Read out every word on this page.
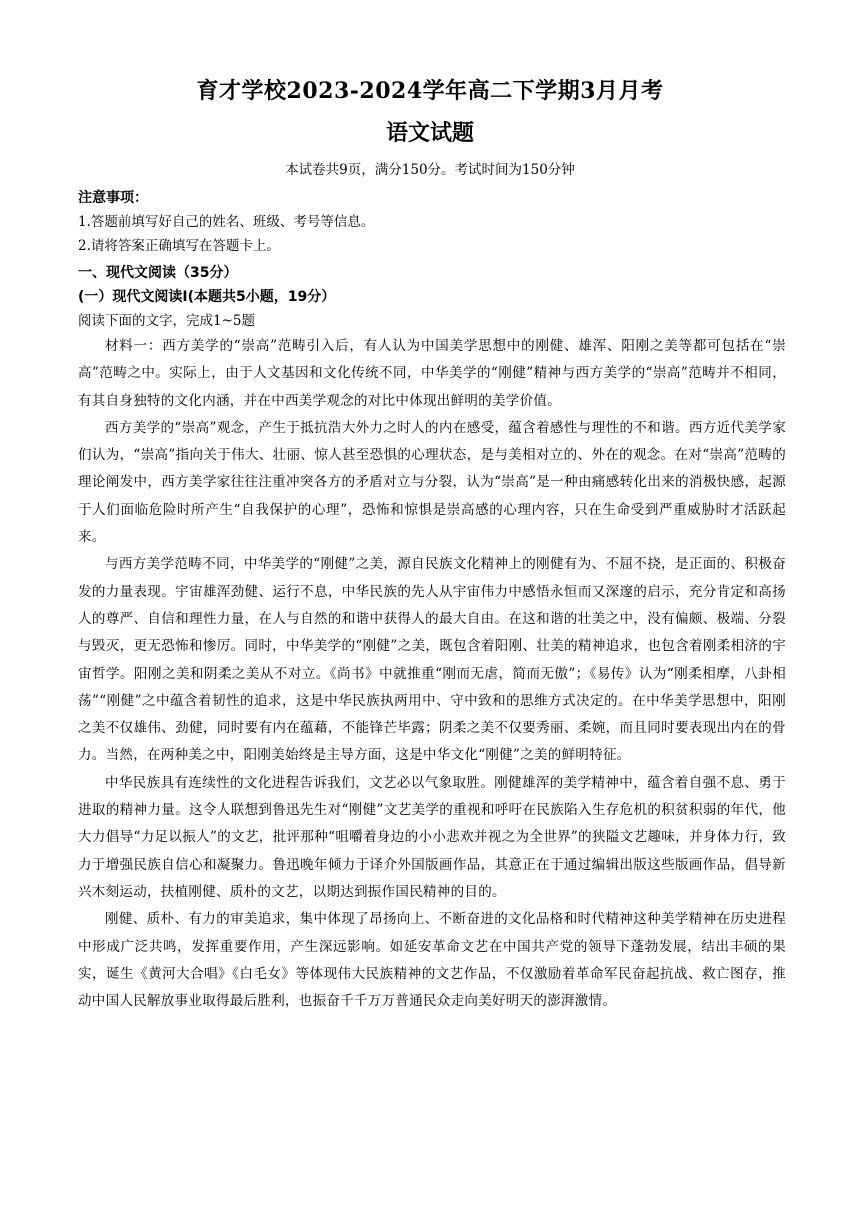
育才学校2023-2024学年高二下学期3月月考
语文试题
本试卷共9页，满分150分。考试时间为150分钟
注意事项：
1.答题前填写好自己的姓名、班级、考号等信息。
2.请将答案正确填写在答题卡上。
一、现代文阅读（35分）
(一）现代文阅读Ⅰ(本题共5小题，19分）
阅读下面的文字，完成1~5题

材料一：西方美学的“崇高”范畴引入后，有人认为中国美学思想中的刚健、雄浑、阳刚之美等都可包括在“崇高”范畴之中。实际上，由于人文基因和文化传统不同，中华美学的“刚健”精神与西方美学的“崇高”范畴并不相同，有其自身独特的文化内涵，并在中西美学观念的对比中体现出鲜明的美学价值。

西方美学的“崇高”观念，产生于抵抗浩大外力之时人的内在感受，蕴含着感性与理性的不和谐。西方近代美学家们认为，“崇高”指向关于伟大、壮丽、惊人甚至恐惧的心理状态，是与美相对立的、外在的观念。在对“崇高”范畴的理论阐发中，西方美学家往往注重冲突各方的矛盾对立与分裂，认为“崇高”是一种由痛感转化出来的消极快感，起源于人们面临危险时所产生“自我保护的心理”，恐怖和惊惧是崇高感的心理内容，只在生命受到严重威胁时才活跃起来。

与西方美学范畴不同，中华美学的“刚健”之美，源自民族文化精神上的刚健有为、不屈不挠，是正面的、积极奋发的力量表现。宇宙雄浑劲健、运行不息，中华民族的先人从宇宙伟力中感悟永恒而又深邃的启示，充分肯定和高扬人的尊严、自信和理性力量，在人与自然的和谐中获得人的最大自由。在这和谐的壮美之中，没有偏颇、极端、分裂与毁灭，更无恐怖和惨厉。同时，中华美学的“刚健”之美，既包含着阳刚、壮美的精神追求，也包含着刚柔相济的宇宙哲学。阳刚之美和阴柔之美从不对立。《尚书》中就推重“刚而无虐，简而无傲”；《易传》认为“刚柔相摩，八卦相荡”“刚健”之中蕴含着韧性的追求，这是中华民族执两用中、守中致和的思维方式决定的。在中华美学思想中，阳刚之美不仅雄伟、劲健，同时要有内在蕴藉，不能锋芒毕露；阴柔之美不仅要秀丽、柔婉，而且同时要表现出内在的骨力。当然，在两种美之中，阳刚美始终是主导方面，这是中华文化“刚健”之美的鲜明特征。

中华民族具有连续性的文化进程告诉我们，文艺必以气象取胜。刚健雄浑的美学精神中，蕴含着自强不息、勇于进取的精神力量。这令人联想到鲁迅先生对“刚健”文艺美学的重视和呼吁在民族陷入生存危机的积贫积弱的年代，他大力倡导“力足以振人”的文艺，批评那种“咀嚼着身边的小小悲欢并视之为全世界”的狭隘文艺趣味，并身体力行，致力于增强民族自信心和凝聚力。鲁迅晚年倾力于译介外国版画作品，其意正在于通过编辑出版这些版画作品，倡导新兴木刻运动，扶植刚健、质朴的文艺，以期达到振作国民精神的目的。

刚健、质朴、有力的审美追求，集中体现了昂扬向上、不断奋进的文化品格和时代精神这种美学精神在历史进程中形成广泛共鸣，发挥重要作用，产生深远影响。如延安革命文艺在中国共产党的领导下蓬勃发展，结出丰硕的果实，诞生《黄河大合唱》《白毛女》等体现伟大民族精神的文艺作品，不仅激励着革命军民奋起抗战、救亡图存，推动中国人民解放事业取得最后胜利，也振奋千千万万普通民众走向美好明天的澎湃激情。
